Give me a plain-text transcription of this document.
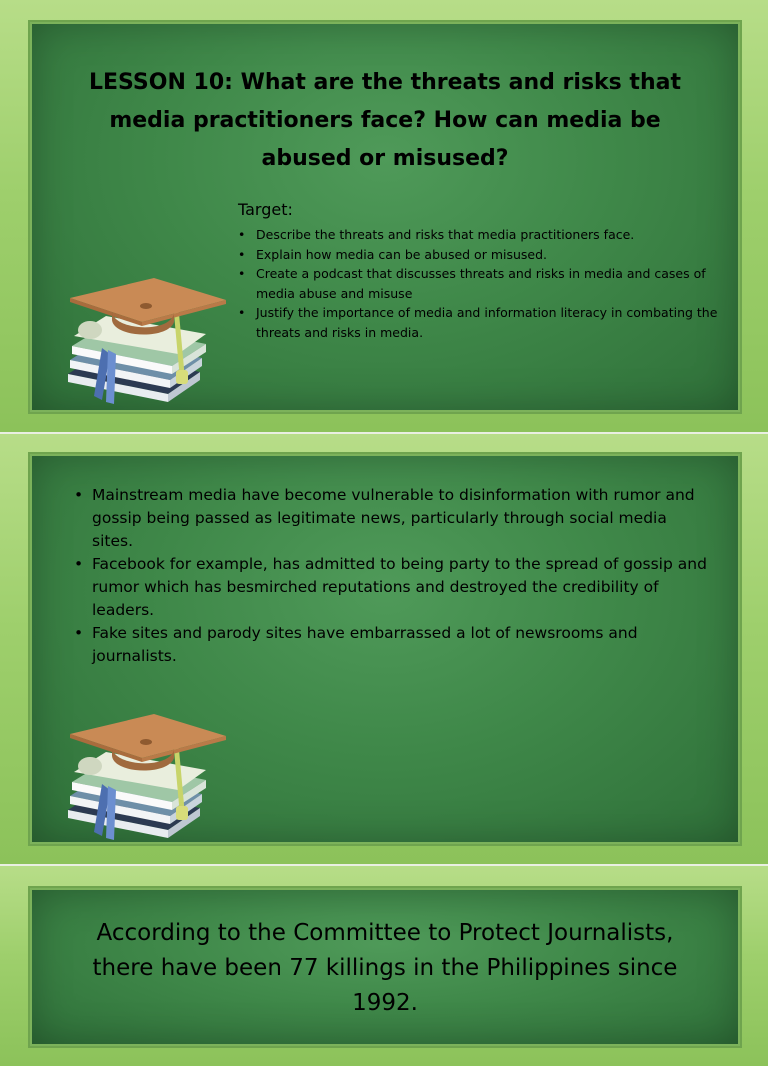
LESSON 10: What are the threats and risks that media practitioners face? How can media be abused or misused?

Target:

• Describe the threats and risks that media practitioners face.
• Explain how media can be abused or misused.
• Create a podcast that discusses threats and risks in media and cases of media abuse and misuse
• Justify the importance of media and information literacy in combating the threats and risks in media.
• Mainstream media have become vulnerable to disinformation with rumor and gossip being passed as legitimate news, particularly through social media sites.
• Facebook for example, has admitted to being party to the spread of gossip and rumor which has besmirched reputations and destroyed the credibility of leaders.
• Fake sites and parody sites have embarrassed a lot of newsrooms and journalists.

According to the Committee to Protect Journalists, there have been 77 killings in the Philippines since 1992.
